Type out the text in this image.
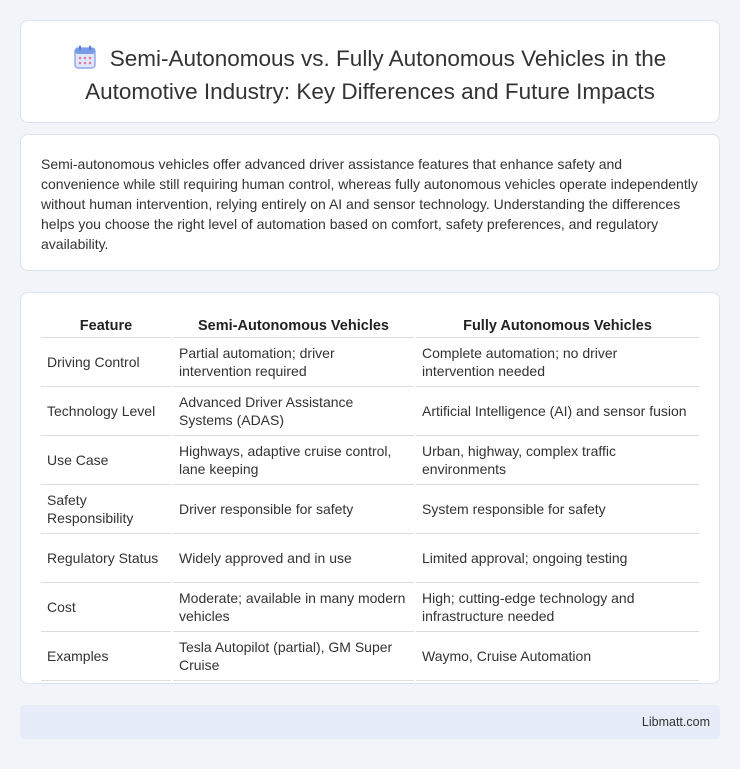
Semi-Autonomous vs. Fully Autonomous Vehicles in the Automotive Industry: Key Differences and Future Impacts

Semi-autonomous vehicles offer advanced driver assistance features that enhance safety and convenience while still requiring human control, whereas fully autonomous vehicles operate independently without human intervention, relying entirely on AI and sensor technology. Understanding the differences helps you choose the right level of automation based on comfort, safety preferences, and regulatory availability.

Feature	Semi-Autonomous Vehicles	Fully Autonomous Vehicles
Driving Control	Partial automation; driver intervention required	Complete automation; no driver intervention needed
Technology Level	Advanced Driver Assistance Systems (ADAS)	Artificial Intelligence (AI) and sensor fusion
Use Case	Highways, adaptive cruise control, lane keeping	Urban, highway, complex traffic environments
Safety Responsibility	Driver responsible for safety	System responsible for safety
Regulatory Status	Widely approved and in use	Limited approval; ongoing testing
Cost	Moderate; available in many modern vehicles	High; cutting-edge technology and infrastructure needed
Examples	Tesla Autopilot (partial), GM Super Cruise	Waymo, Cruise Automation
Libmatt.com
